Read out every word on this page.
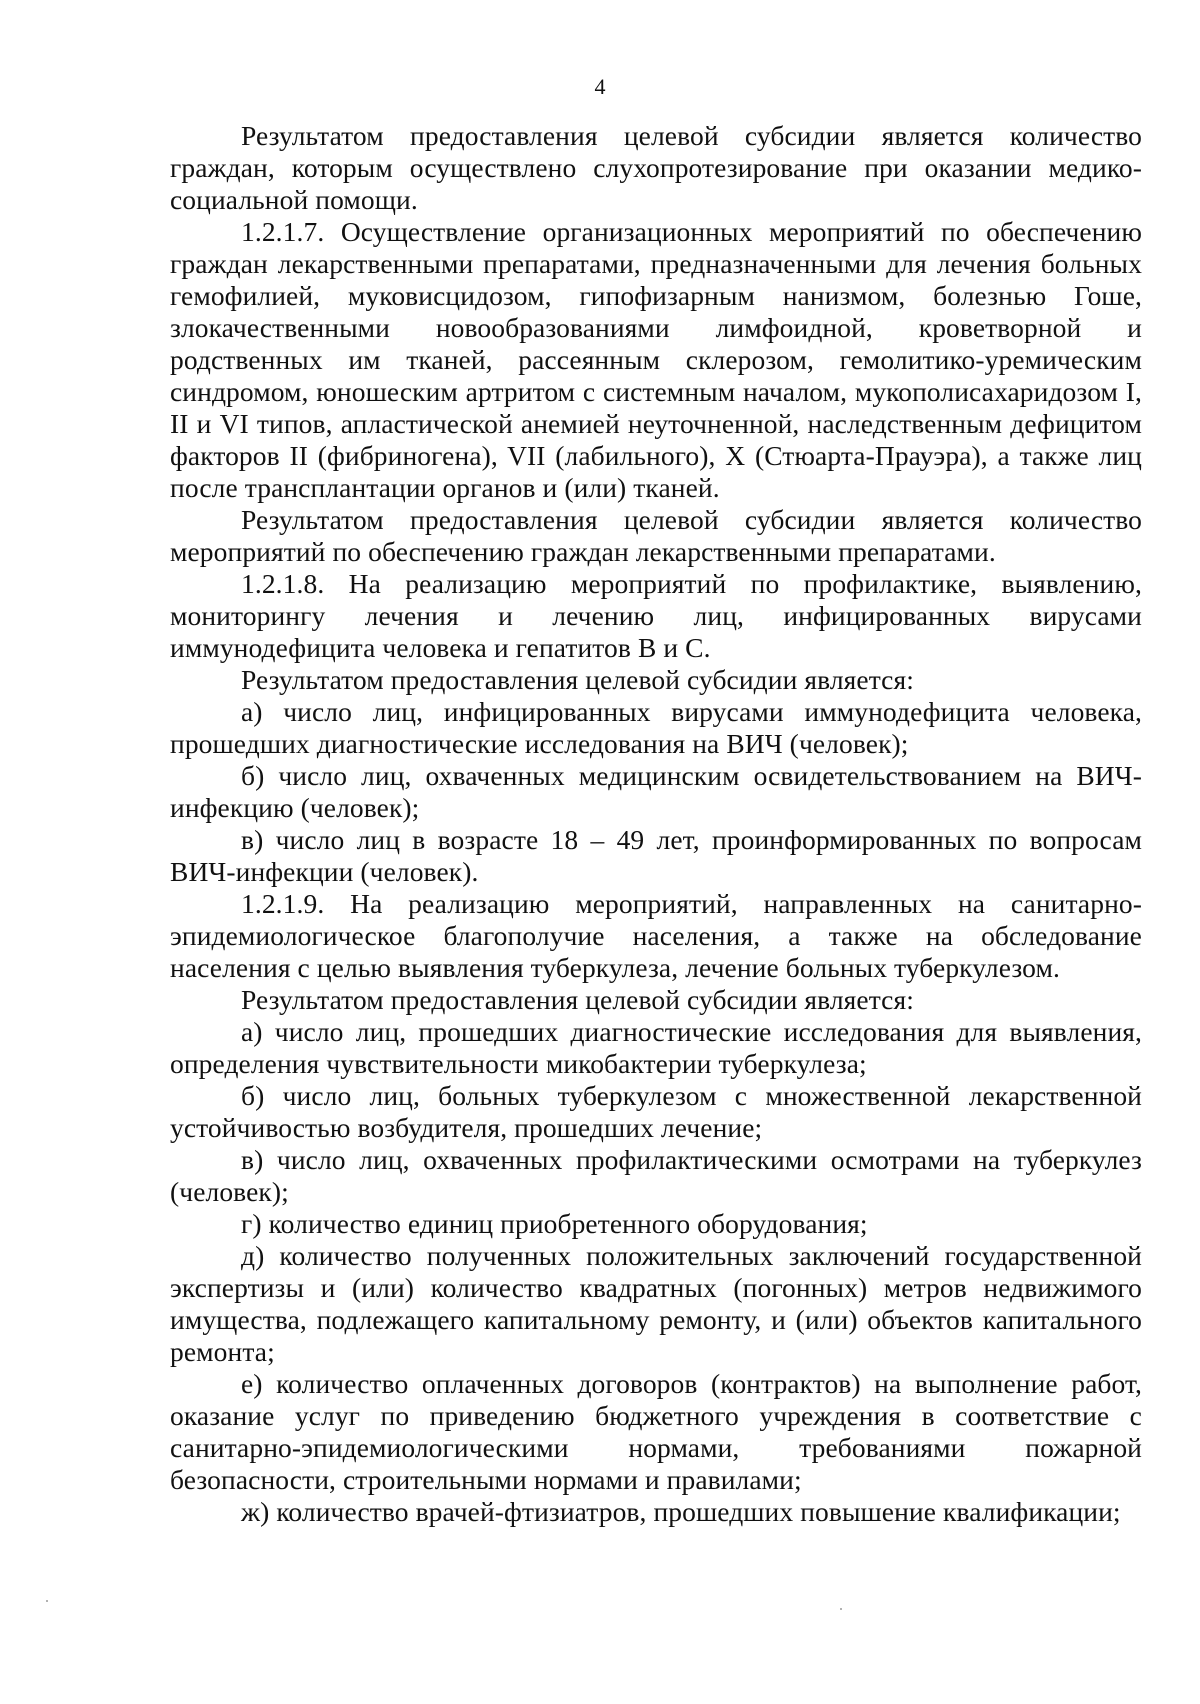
4

Результатом предоставления целевой субсидии является количество граждан, которым осуществлено слухопротезирование при оказании медико-социальной помощи.

1.2.1.7. Осуществление организационных мероприятий по обеспечению граждан лекарственными препаратами, предназначенными для лечения больных гемофилией, муковисцидозом, гипофизарным нанизмом, болезнью Гоше, злокачественными новообразованиями лимфоидной, кроветворной и родственных им тканей, рассеянным склерозом, гемолитико-уремическим синдромом, юношеским артритом с системным началом, мукополисахаридозом I, II и VI типов, апластической анемией неуточненной, наследственным дефицитом факторов II (фибриногена), VII (лабильного), X (Стюарта-Прауэра), а также лиц после трансплантации органов и (или) тканей.

Результатом предоставления целевой субсидии является количество мероприятий по обеспечению граждан лекарственными препаратами.

1.2.1.8. На реализацию мероприятий по профилактике, выявлению, мониторингу лечения и лечению лиц, инфицированных вирусами иммунодефицита человека и гепатитов B и C.

Результатом предоставления целевой субсидии является:

а) число лиц, инфицированных вирусами иммунодефицита человека, прошедших диагностические исследования на ВИЧ (человек);

б) число лиц, охваченных медицинским освидетельствованием на ВИЧ-инфекцию (человек);

в) число лиц в возрасте 18 – 49 лет, проинформированных по вопросам ВИЧ-инфекции (человек).

1.2.1.9. На реализацию мероприятий, направленных на санитарно-эпидемиологическое благополучие населения, а также на обследование населения с целью выявления туберкулеза, лечение больных туберкулезом.

Результатом предоставления целевой субсидии является:

а) число лиц, прошедших диагностические исследования для выявления, определения чувствительности микобактерии туберкулеза;

б) число лиц, больных туберкулезом с множественной лекарственной устойчивостью возбудителя, прошедших лечение;

в) число лиц, охваченных профилактическими осмотрами на туберкулез (человек);

г) количество единиц приобретенного оборудования;

д) количество полученных положительных заключений государственной экспертизы и (или) количество квадратных (погонных) метров недвижимого имущества, подлежащего капитальному ремонту, и (или) объектов капитального ремонта;

е) количество оплаченных договоров (контрактов) на выполнение работ, оказание услуг по приведению бюджетного учреждения в соответствие с санитарно-эпидемиологическими нормами, требованиями пожарной безопасности, строительными нормами и правилами;

ж) количество врачей-фтизиатров, прошедших повышение квалификации;
